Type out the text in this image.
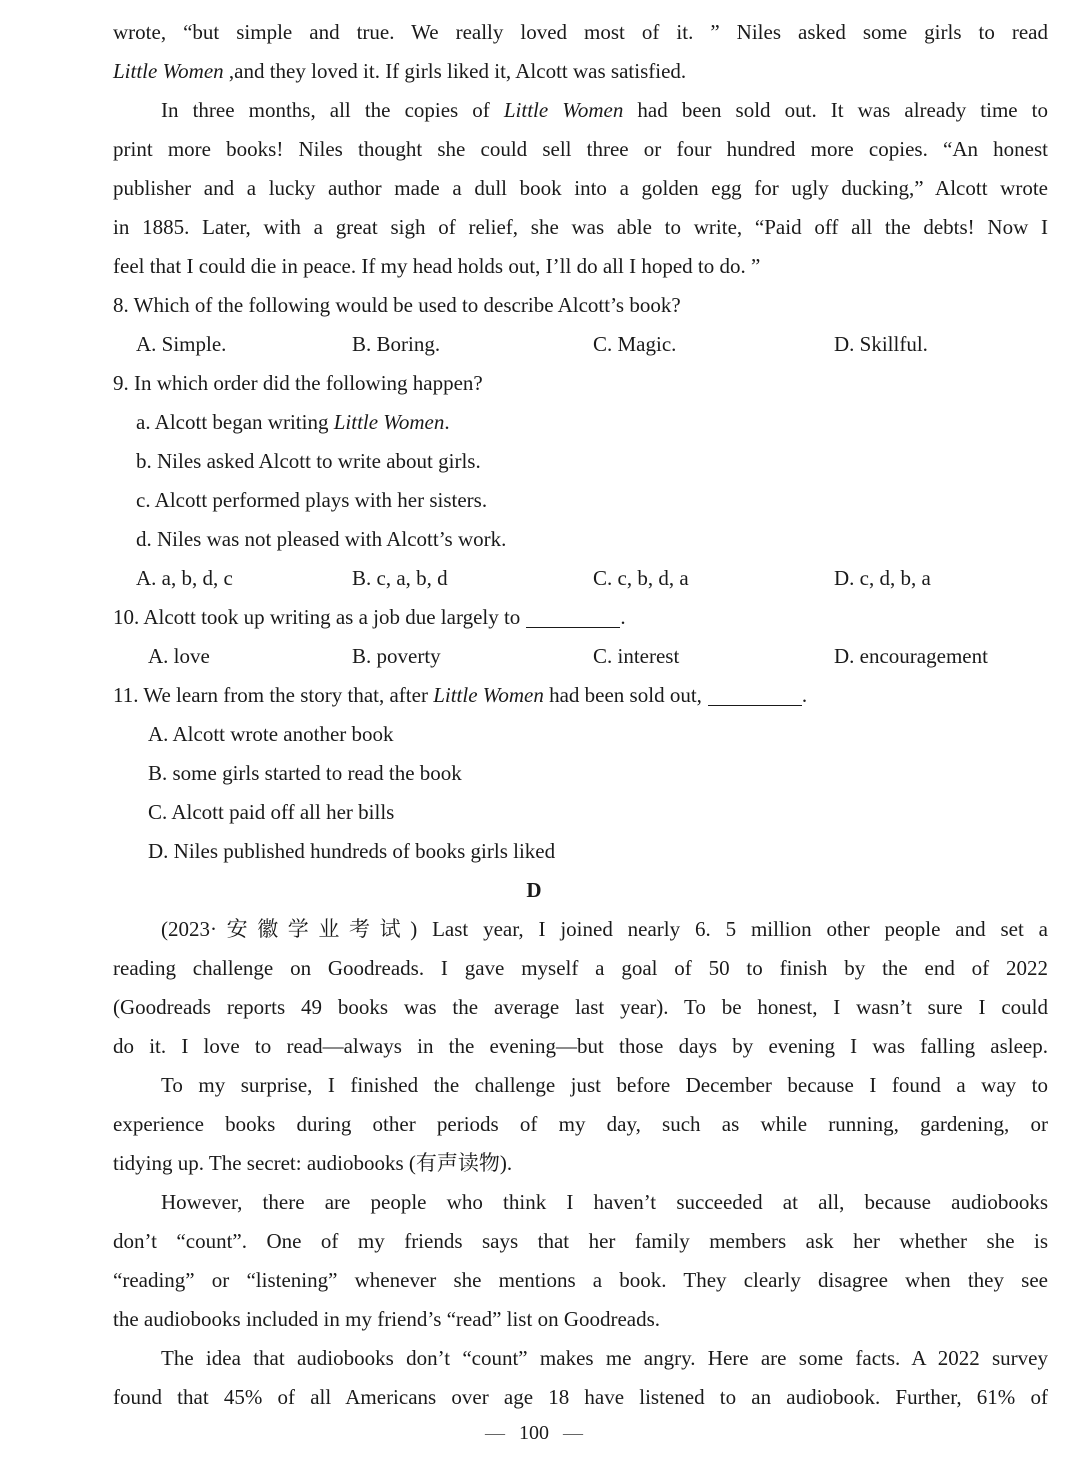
wrote, “but simple and true. We really loved most of it. ” Niles asked some girls to read
Little Women ,and they loved it. If girls liked it, Alcott was satisfied.
In three months, all the copies of Little Women had been sold out. It was already time to
print more books! Niles thought she could sell three or four hundred more copies. “An honest
publisher and a lucky author made a dull book into a golden egg for ugly ducking,” Alcott wrote
in 1885. Later, with a great sigh of relief, she was able to write, “Paid off all the debts! Now I
feel that I could die in peace. If my head holds out, I’ll do all I hoped to do. ”
8. Which of the following would be used to describe Alcott’s book?
A. Simple.	B. Boring.	C. Magic.	D. Skillful.
9. In which order did the following happen?
a. Alcott began writing Little Women.
b. Niles asked Alcott to write about girls.
c. Alcott performed plays with her sisters.
d. Niles was not pleased with Alcott’s work.
A. a, b, d, c	B. c, a, b, d	C. c, b, d, a	D. c, d, b, a
10. Alcott took up writing as a job due largely to	.
A. love	B. poverty	C. interest	D. encouragement
11. We learn from the story that, after Little Women had been sold out,	.
A. Alcott wrote another book
B. some girls started to read the book
C. Alcott paid off all her bills
D. Niles published hundreds of books girls liked
D
(2023·安徽学业考试) Last year, I joined nearly 6. 5 million other people and set a
reading challenge on Goodreads. I gave myself a goal of 50 to finish by the end of 2022
(Goodreads reports 49 books was the average last year). To be honest, I wasn’t sure I could
do it. I love to read—always in the evening—but those days by evening I was falling asleep.
To my surprise, I finished the challenge just before December because I found a way to
experience books during other periods of my day, such as while running, gardening, or
tidying up. The secret: audiobooks (有声读物).
However, there are people who think I haven’t succeeded at all, because audiobooks
don’t “count”. One of my friends says that her family members ask her whether she is
“reading” or “listening” whenever she mentions a book. They clearly disagree when they see
the audiobooks included in my friend’s “read” list on Goodreads.
The idea that audiobooks don’t “count” makes me angry. Here are some facts. A 2022 survey
found that 45% of all Americans over age 18 have listened to an audiobook. Further, 61% of
— 100 —
